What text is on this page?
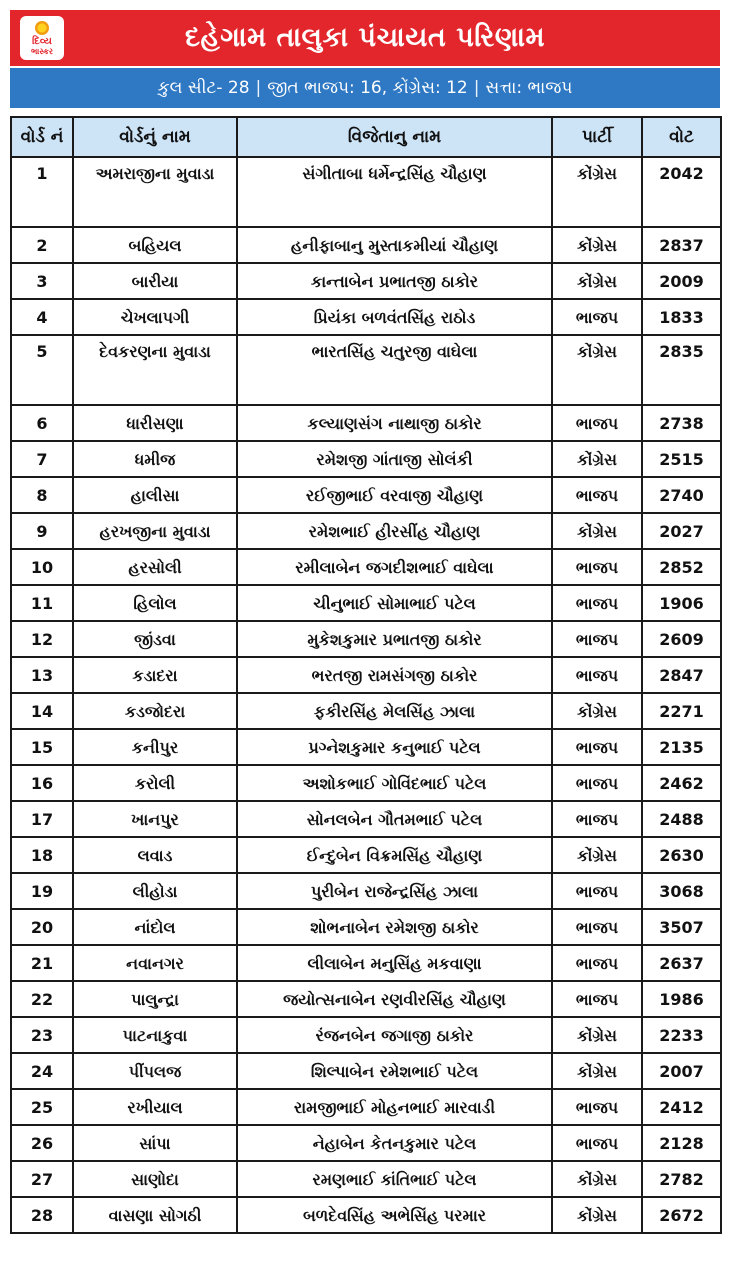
દિવ્ય
ભાસ્કર	દહેગામ તાલુકા પંચાયત પરિણામ
કુલ સીટ- 28 | જીત ભાજપ: 16, કોંગ્રેસ: 12 | સત્તા: ભાજપ
વોર્ડ નં	વોર્ડનું નામ	વિજેતાનુ નામ	પાર્ટી	વોટ
1	અમરાજીના મુવાડા	સંગીતાબા ધર્મેન્દ્રસિંહ ચૌહાણ	કોંગ્રેસ	2042
2	બહિયલ	હનીફાબાનુ મુસ્તાકમીયાં ચૌહાણ	કોંગ્રેસ	2837
3	બારીયા	કાન્તાબેન પ્રભાતજી ઠાકોર	કોંગ્રેસ	2009
4	ચેખલાપગી	પ્રિયંકા બળવંતસિંહ રાઠોડ	ભાજપ	1833
5	દેવકરણના મુવાડા	ભારતસિંહ ચતુરજી વાઘેલા	કોંગ્રેસ	2835
6	ધારીસણા	કલ્યાણસંગ નાથાજી ઠાકોર	ભાજપ	2738
7	ધમીજ	રમેશજી ગાંતાજી સોલંકી	કોંગ્રેસ	2515
8	હાલીસા	રઈજીભાઈ વરવાજી ચૌહાણ	ભાજપ	2740
9	હરખજીના મુવાડા	રમેશભાઈ હીરસીંહ ચૌહાણ	કોંગ્રેસ	2027
10	હરસોલી	રમીલાબેન જગદીશભાઈ વાઘેલા	ભાજપ	2852
11	હિલોલ	ચીનુભાઈ સોમાભાઈ પટેલ	ભાજપ	1906
12	જીંડવા	મુકેશકુમાર પ્રભાતજી ઠાકોર	ભાજપ	2609
13	કડાદરા	ભરતજી રામસંગજી ઠાકોર	ભાજપ	2847
14	કડજોદરા	ફકીરસિંહ મેલસિંહ ઝાલા	કોંગ્રેસ	2271
15	કનીપુર	પ્રગ્નેશકુમાર કનુભાઈ પટેલ	ભાજપ	2135
16	કરોલી	અશોકભાઈ ગોવિંદભાઈ પટેલ	ભાજપ	2462
17	ખાનપુર	સોનલબેન ગૌતમભાઈ પટેલ	ભાજપ	2488
18	લવાડ	ઈન્દુબેન વિક્રમસિંહ ચૌહાણ	કોંગ્રેસ	2630
19	લીહોડા	પુરીબેન રાજેન્દ્રસિંહ ઝાલા	ભાજપ	3068
20	નાંદોલ	શોભનાબેન રમેશજી ઠાકોર	ભાજપ	3507
21	નવાનગર	લીલાબેન મનુસિંહ મકવાણા	ભાજપ	2637
22	પાલુન્દ્રા	જયોત્સનાબેન રણવીરસિંહ ચૌહાણ	ભાજપ	1986
23	પાટનાકુવા	રંજનબેન જગાજી ઠાકોર	કોંગ્રેસ	2233
24	પીંપલજ	શિલ્પાબેન રમેશભાઈ પટેલ	કોંગ્રેસ	2007
25	રખીયાલ	રામજીભાઈ મોહનભાઈ મારવાડી	ભાજપ	2412
26	સાંપા	નેહાબેન કેતનકુમાર પટેલ	ભાજપ	2128
27	સાણોદા	રમણભાઈ કાંતિભાઈ પટેલ	કોંગ્રેસ	2782
28	વાસણા સોગઠી	બળદેવસિંહ અભેસિંહ પરમાર	કોંગ્રેસ	2672
